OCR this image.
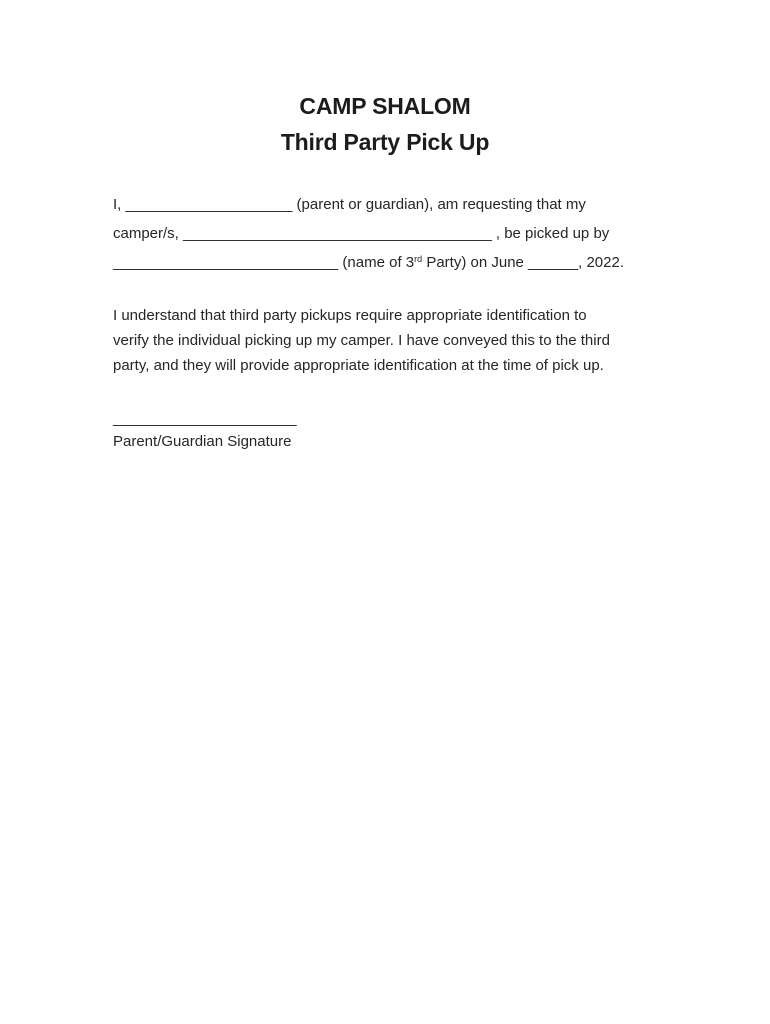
CAMP SHALOM
Third Party Pick Up
I, ____________________ (parent or guardian), am requesting that my
camper/s, _____________________________________ , be picked up by
___________________________ (name of 3rd Party) on June ______, 2022.
I understand that third party pickups require appropriate identification to
verify the individual picking up my camper. I have conveyed this to the third
party, and they will provide appropriate identification at the time of pick up.
______________________
Parent/Guardian Signature
